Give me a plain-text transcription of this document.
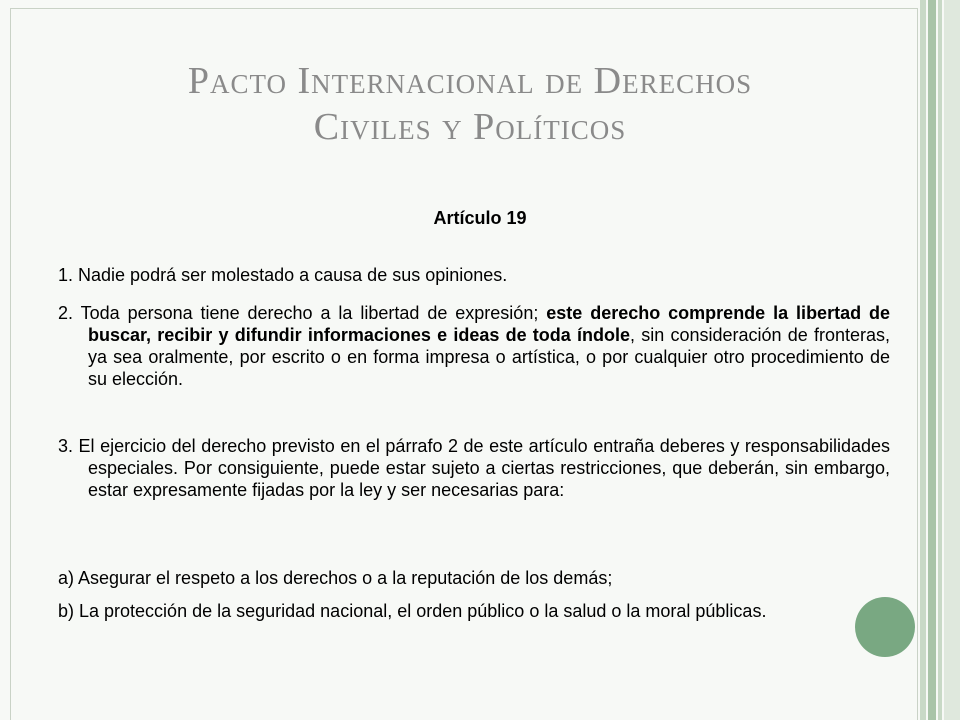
Pacto Internacional de Derechos
Civiles y Políticos
Artículo 19
1. Nadie podrá ser molestado a causa de sus opiniones.
2. Toda persona tiene derecho a la libertad de expresión; este derecho comprende la libertad de buscar, recibir y difundir informaciones e ideas de toda índole, sin consideración de fronteras, ya sea oralmente, por escrito o en forma impresa o artística, o por cualquier otro procedimiento de su elección.
3. El ejercicio del derecho previsto en el párrafo 2 de este artículo entraña deberes y responsabilidades especiales. Por consiguiente, puede estar sujeto a ciertas restricciones, que deberán, sin embargo, estar expresamente fijadas por la ley y ser necesarias para:
a) Asegurar el respeto a los derechos o a la reputación de los demás;
b) La protección de la seguridad nacional, el orden público o la salud o la moral públicas.
